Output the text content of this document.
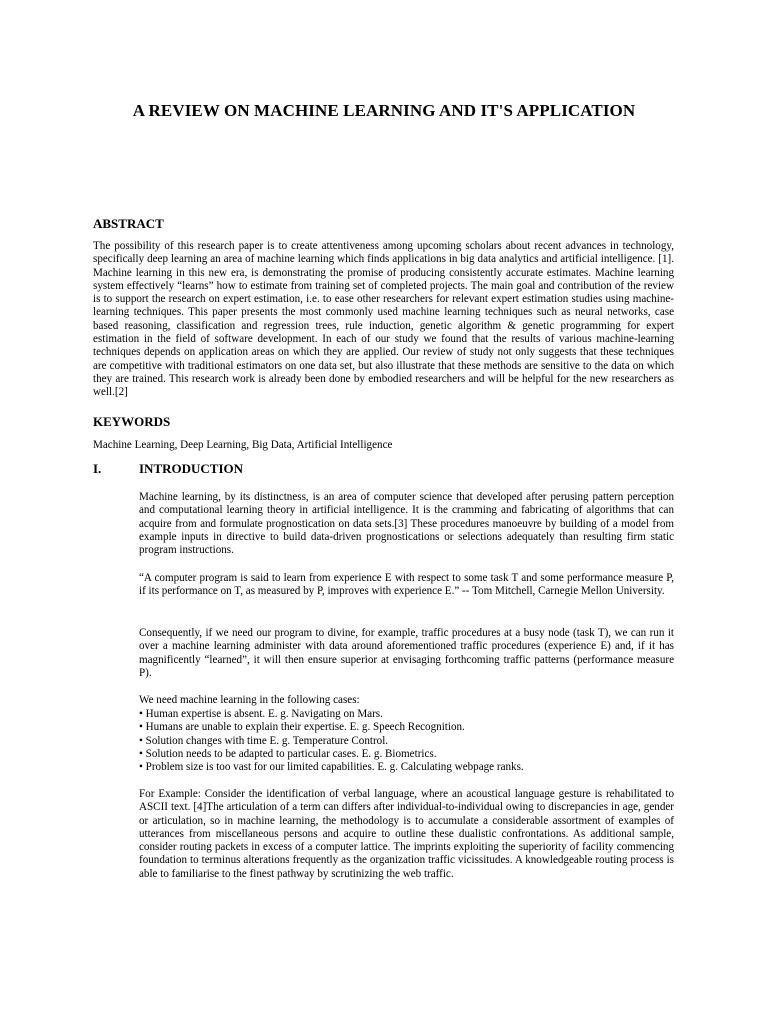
A REVIEW ON MACHINE LEARNING AND IT'S APPLICATION
ABSTRACT

The possibility of this research paper is to create attentiveness among upcoming scholars about recent advances in technology, specifically deep learning an area of machine learning which finds applications in big data analytics and artificial intelligence. [1]. Machine learning in this new era, is demonstrating the promise of producing consistently accurate estimates. Machine learning system effectively “learns” how to estimate from training set of completed projects. The main goal and contribution of the review is to support the research on expert estimation, i.e. to ease other researchers for relevant expert estimation studies using machine-learning techniques. This paper presents the most commonly used machine learning techniques such as neural networks, case based reasoning, classification and regression trees, rule induction, genetic algorithm & genetic programming for expert estimation in the field of software development. In each of our study we found that the results of various machine-learning techniques depends on application areas on which they are applied. Our review of study not only suggests that these techniques are competitive with traditional estimators on one data set, but also illustrate that these methods are sensitive to the data on which they are trained. This research work is already been done by embodied researchers and will be helpful for the new researchers as well.[2]

KEYWORDS

Machine Learning, Deep Learning, Big Data, Artificial Intelligence

I.	INTRODUCTION

Machine learning, by its distinctness, is an area of computer science that developed after perusing pattern perception and computational learning theory in artificial intelligence. It is the cramming and fabricating of algorithms that can acquire from and formulate prognostication on data sets.[3] These procedures manoeuvre by building of a model from example inputs in directive to build data-driven prognostications or selections adequately than resulting firm static program instructions.

“A computer program is said to learn from experience E with respect to some task T and some performance measure P, if its performance on T, as measured by P, improves with experience E.” -- Tom Mitchell, Carnegie Mellon University.

Consequently, if we need our program to divine, for example, traffic procedures at a busy node (task T), we can run it over a machine learning administer with data around aforementioned traffic procedures (experience E) and, if it has magnificently “learned”, it will then ensure superior at envisaging forthcoming traffic patterns (performance measure P).

We need machine learning in the following cases:

• Human expertise is absent. E. g. Navigating on Mars.
• Humans are unable to explain their expertise. E. g. Speech Recognition.
• Solution changes with time E. g. Temperature Control.
• Solution needs to be adapted to particular cases. E. g. Biometrics.
• Problem size is too vast for our limited capabilities. E. g. Calculating webpage ranks.

For Example: Consider the identification of verbal language, where an acoustical language gesture is rehabilitated to ASCII text. [4]The articulation of a term can differs after individual-to-individual owing to discrepancies in age, gender or articulation, so in machine learning, the methodology is to accumulate a considerable assortment of examples of utterances from miscellaneous persons and acquire to outline these dualistic confrontations. As additional sample, consider routing packets in excess of a computer lattice. The imprints exploiting the superiority of facility commencing foundation to terminus alterations frequently as the organization traffic vicissitudes. A knowledgeable routing process is able to familiarise to the finest pathway by scrutinizing the web traffic.
